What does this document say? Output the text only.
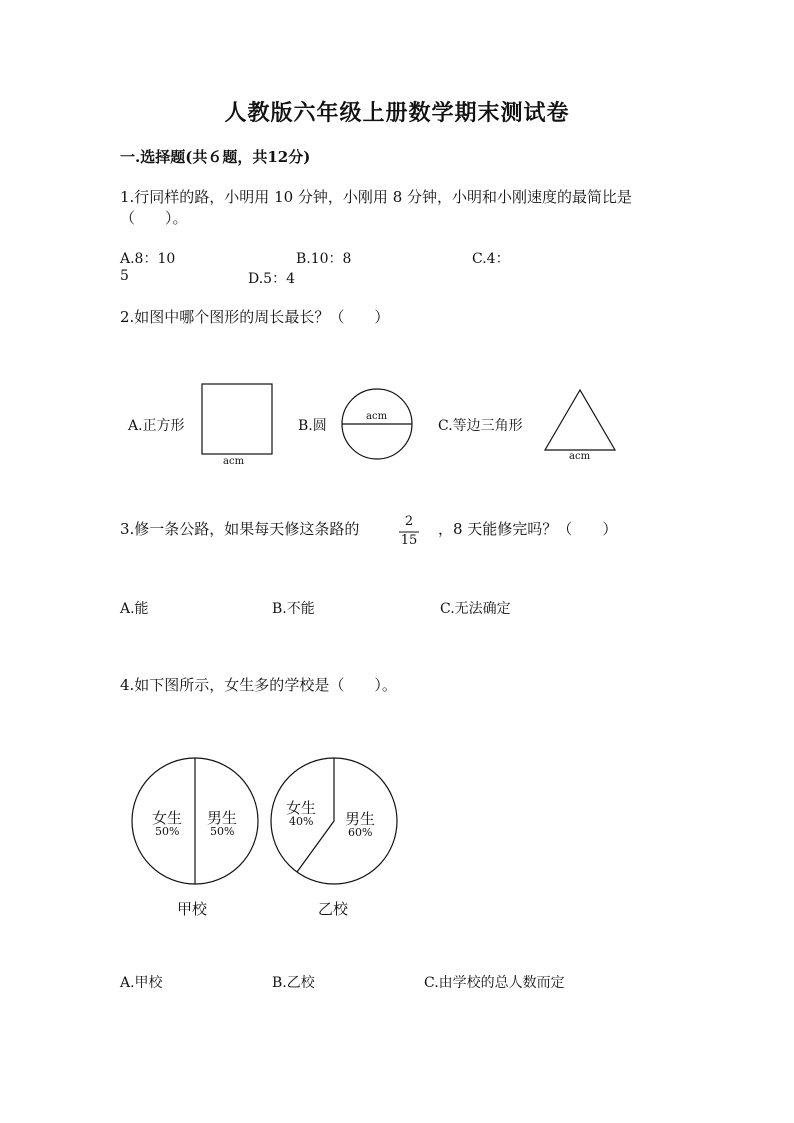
人教版六年级上册数学期末测试卷
一.选择题(共６题，共12分)
1.行同样的路，小明用 10 分钟，小刚用 8 分钟，小明和小刚速度的最简比是
（　　）。
A.8：10	B.10：8	C.4：
5	D.5：4
2.如图中哪个图形的周长最长？（　　）
A.正方形	B.圆	C.等边三角形
acm
acm
acm
3.修一条公路，如果每天修这条路的	2
15
，8 天能修完吗？（　　）
A.能	B.不能	C.无法确定
4.如下图所示，女生多的学校是（　　）。
女生
50%
男生
50%
女生
40% 男生
60%
甲校	乙校
A.甲校	B.乙校	C.由学校的总人数而定
